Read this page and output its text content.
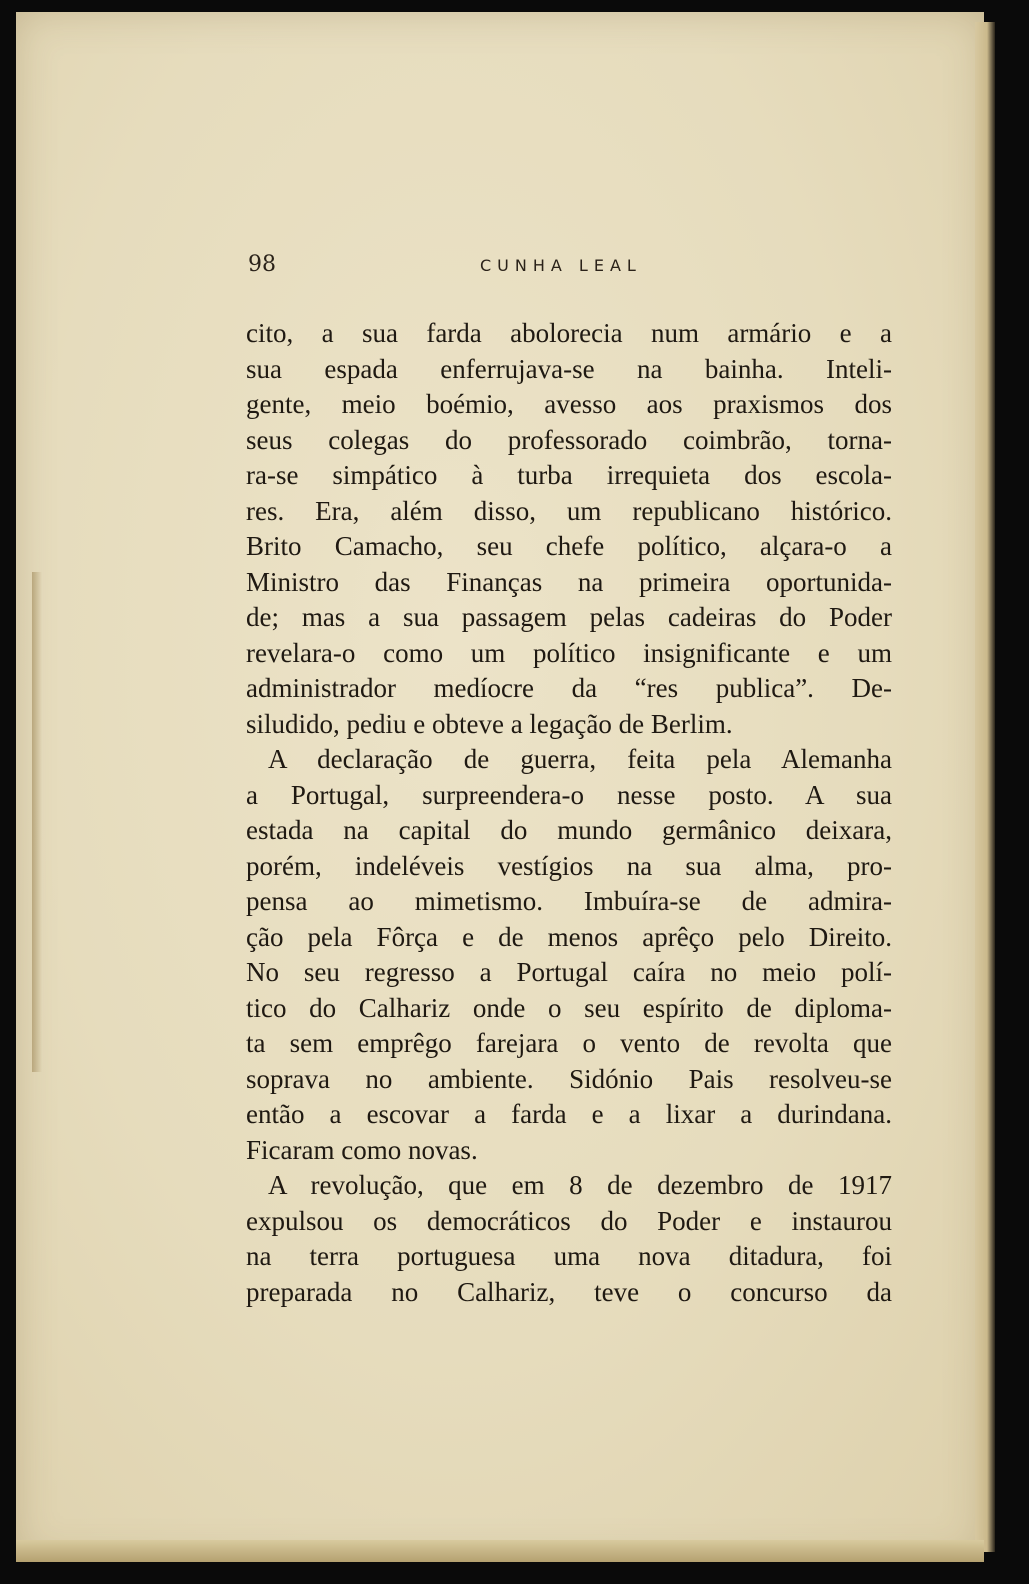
98	CUNHA LEAL
cito, a sua farda abolorecia num armário e a
sua espada enferrujava-se na bainha. Inteli-
gente, meio boémio, avesso aos praxismos dos
seus colegas do professorado coimbrão, torna-
ra-se simpático à turba irrequieta dos escola-
res. Era, além disso, um republicano histórico.
Brito Camacho, seu chefe político, alçara-o a
Ministro das Finanças na primeira oportunida-
de; mas a sua passagem pelas cadeiras do Poder
revelara-o como um político insignificante e um
administrador medíocre da “res publica”. De-
siludido, pediu e obteve a legação de Berlim.
A declaração de guerra, feita pela Alemanha
a Portugal, surpreendera-o nesse posto. A sua
estada na capital do mundo germânico deixara,
porém, indeléveis vestígios na sua alma, pro-
pensa ao mimetismo. Imbuíra-se de admira-
ção pela Fôrça e de menos aprêço pelo Direito.
No seu regresso a Portugal caíra no meio polí-
tico do Calhariz onde o seu espírito de diploma-
ta sem emprêgo farejara o vento de revolta que
soprava no ambiente. Sidónio Pais resolveu-se
então a escovar a farda e a lixar a durindana.
Ficaram como novas.
A revolução, que em 8 de dezembro de 1917
expulsou os democráticos do Poder e instaurou
na terra portuguesa uma nova ditadura, foi
preparada no Calhariz, teve o concurso da
